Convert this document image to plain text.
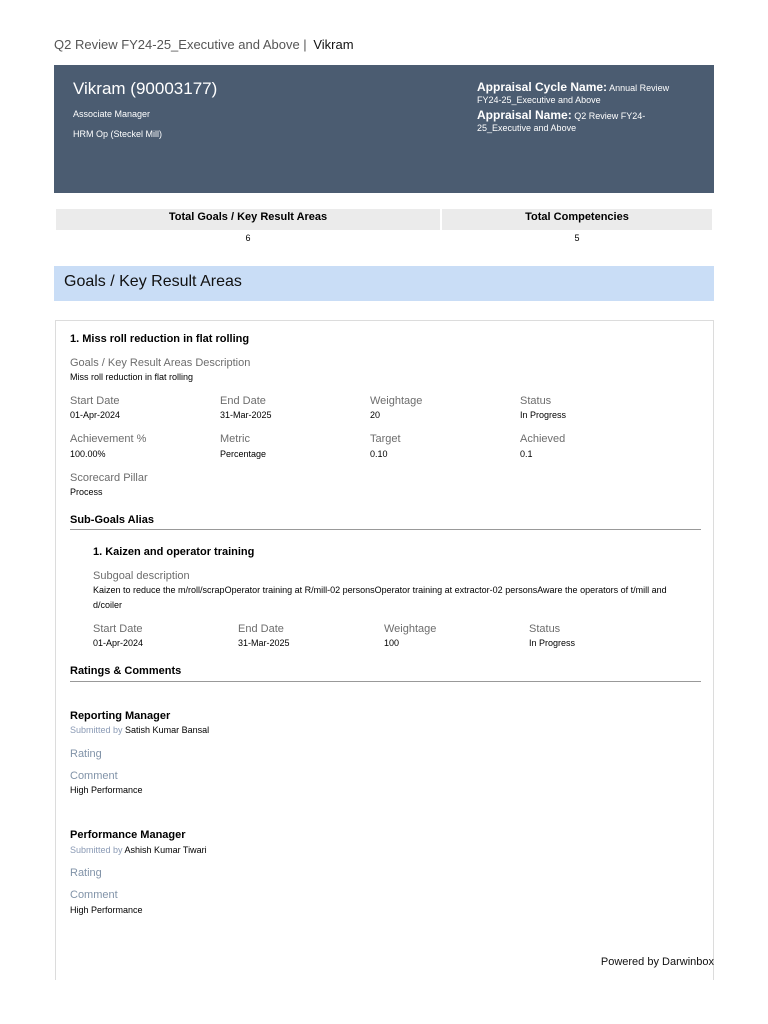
Q2 Review FY24-25_Executive and Above | Vikram
Vikram (90003177)
Associate Manager
HRM Op (Steckel Mill)
Appraisal Cycle Name: Annual Review FY24-25_Executive and Above
Appraisal Name: Q2 Review FY24-25_Executive and Above
Total Goals / Key Result Areas	Total Competencies
6	5
Goals / Key Result Areas
1. Miss roll reduction in flat rolling
Goals / Key Result Areas Description
Miss roll reduction in flat rolling
Start Date
01-Apr-2024
End Date
31-Mar-2025
Weightage
20
Status
In Progress
Achievement %
100.00%
Metric
Percentage
Target
0.10
Achieved
0.1
Scorecard Pillar
Process
Sub-Goals Alias
1. Kaizen and operator training
Subgoal description
Kaizen to reduce the m/roll/scrapOperator training at R/mill-02 personsOperator training at extractor-02 personsAware the operators of t/mill and d/coiler
Start Date
01-Apr-2024
End Date
31-Mar-2025
Weightage
100
Status
In Progress
Ratings & Comments
Reporting Manager
Submitted by Satish Kumar Bansal
Rating
Comment
High Performance
Performance Manager
Submitted by Ashish Kumar Tiwari
Rating
Comment
High Performance
Powered by Darwinbox
